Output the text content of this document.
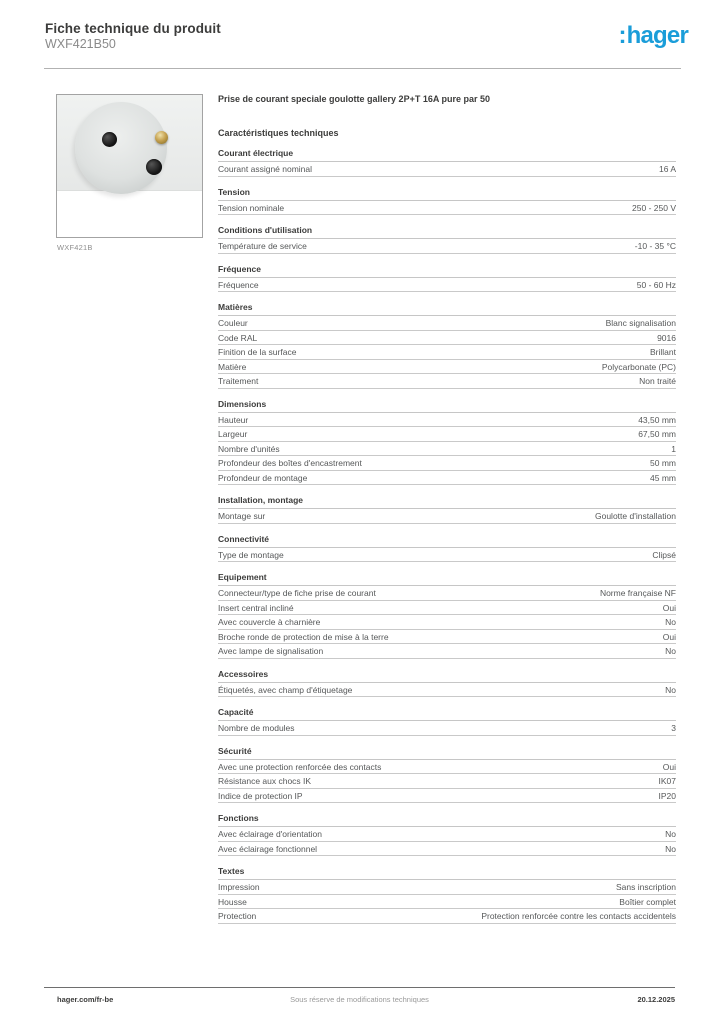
Fiche technique du produit
WXF421B50	:hager
WXF421B
Prise de courant speciale goulotte gallery 2P+T 16A pure par 50
Caractéristiques techniques
Courant électrique
Courant assigné nominal	16 A
Tension
Tension nominale	250 - 250 V
Conditions d'utilisation
Température de service	-10 - 35 °C
Fréquence
Fréquence	50 - 60 Hz
Matières
Couleur	Blanc signalisation
Code RAL	9016
Finition de la surface	Brillant
Matière	Polycarbonate (PC)
Traitement	Non traité
Dimensions
Hauteur	43,50 mm
Largeur	67,50 mm
Nombre d'unités	1
Profondeur des boîtes d'encastrement	50 mm
Profondeur de montage	45 mm
Installation, montage
Montage sur	Goulotte d'installation
Connectivité
Type de montage	Clipsé
Equipement
Connecteur/type de fiche prise de courant	Norme française NF
Insert central incliné	Oui
Avec couvercle à charnière	No
Broche ronde de protection de mise à la terre	Oui
Avec lampe de signalisation	No
Accessoires
Étiquetés, avec champ d'étiquetage	No
Capacité
Nombre de modules	3
Sécurité
Avec une protection renforcée des contacts	Oui
Résistance aux chocs IK	IK07
Indice de protection IP	IP20
Fonctions
Avec éclairage d'orientation	No
Avec éclairage fonctionnel	No
Textes
Impression	Sans inscription
Housse	Boîtier complet
Protection	Protection renforcée contre les contacts accidentels
hager.com/fr-be	Sous réserve de modifications techniques	20.12.2025
